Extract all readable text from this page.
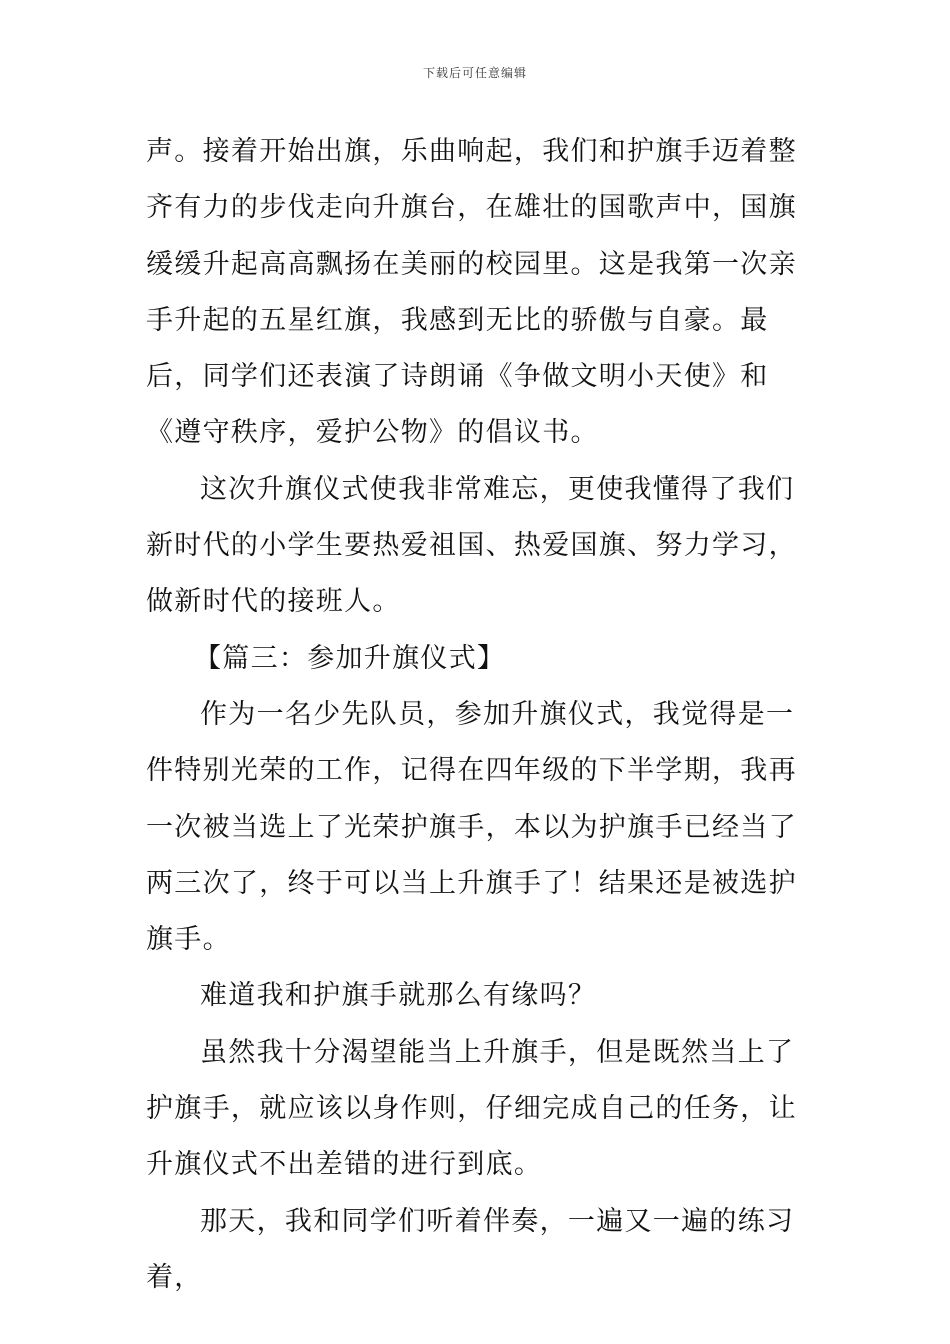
下载后可任意编辑

声。接着开始出旗，乐曲响起，我们和护旗手迈着整齐有力的步伐走向升旗台，在雄壮的国歌声中，国旗缓缓升起高高飘扬在美丽的校园里。这是我第一次亲手升起的五星红旗，我感到无比的骄傲与自豪。最后，同学们还表演了诗朗诵《争做文明小天使》和《遵守秩序，爱护公物》的倡议书。

这次升旗仪式使我非常难忘，更使我懂得了我们新时代的小学生要热爱祖国、热爱国旗、努力学习，做新时代的接班人。

【篇三：参加升旗仪式】

作为一名少先队员，参加升旗仪式，我觉得是一件特别光荣的工作，记得在四年级的下半学期，我再一次被当选上了光荣护旗手，本以为护旗手已经当了两三次了，终于可以当上升旗手了！结果还是被选护旗手。

难道我和护旗手就那么有缘吗？

虽然我十分渴望能当上升旗手，但是既然当上了护旗手，就应该以身作则，仔细完成自己的任务，让升旗仪式不出差错的进行到底。

那天，我和同学们听着伴奏，一遍又一遍的练习着，
